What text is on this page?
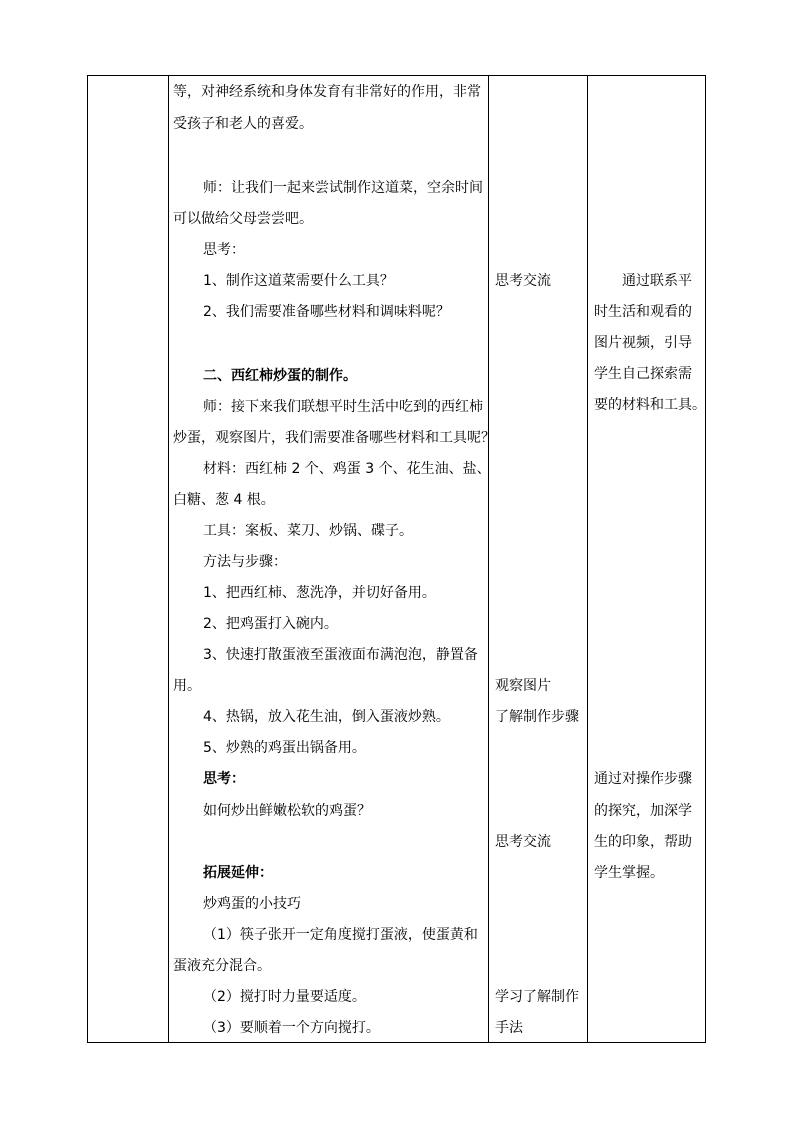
等，对神经系统和身体发育有非常好的作用，非常
受孩子和老人的喜爱。
师：让我们一起来尝试制作这道菜，空余时间
可以做给父母尝尝吧。
思考：
1、制作这道菜需要什么工具？
2、我们需要准备哪些材料和调味料呢？
二、西红柿炒蛋的制作。
师：接下来我们联想平时生活中吃到的西红柿
炒蛋，观察图片，我们需要准备哪些材料和工具呢？
材料：西红柿 2 个、鸡蛋 3 个、花生油、盐、
白糖、葱 4 根。
工具：案板、菜刀、炒锅、碟子。
方法与步骤：
1、把西红柿、葱洗净，并切好备用。
2、把鸡蛋打入碗内。
3、快速打散蛋液至蛋液面布满泡泡，静置备
用。
4、热锅，放入花生油，倒入蛋液炒熟。
5、炒熟的鸡蛋出锅备用。
思考：
如何炒出鲜嫩松软的鸡蛋？
拓展延伸：
炒鸡蛋的小技巧
（1）筷子张开一定角度搅打蛋液，使蛋黄和
蛋液充分混合。
（2）搅打时力量要适度。
（3）要顺着一个方向搅打。
思考交流
观察图片
了解制作步骤
思考交流
学习了解制作
手法
通过联系平
时生活和观看的
图片视频，引导
学生自己探索需
要的材料和工具。
通过对操作步骤
的探究，加深学
生的印象，帮助
学生掌握。
